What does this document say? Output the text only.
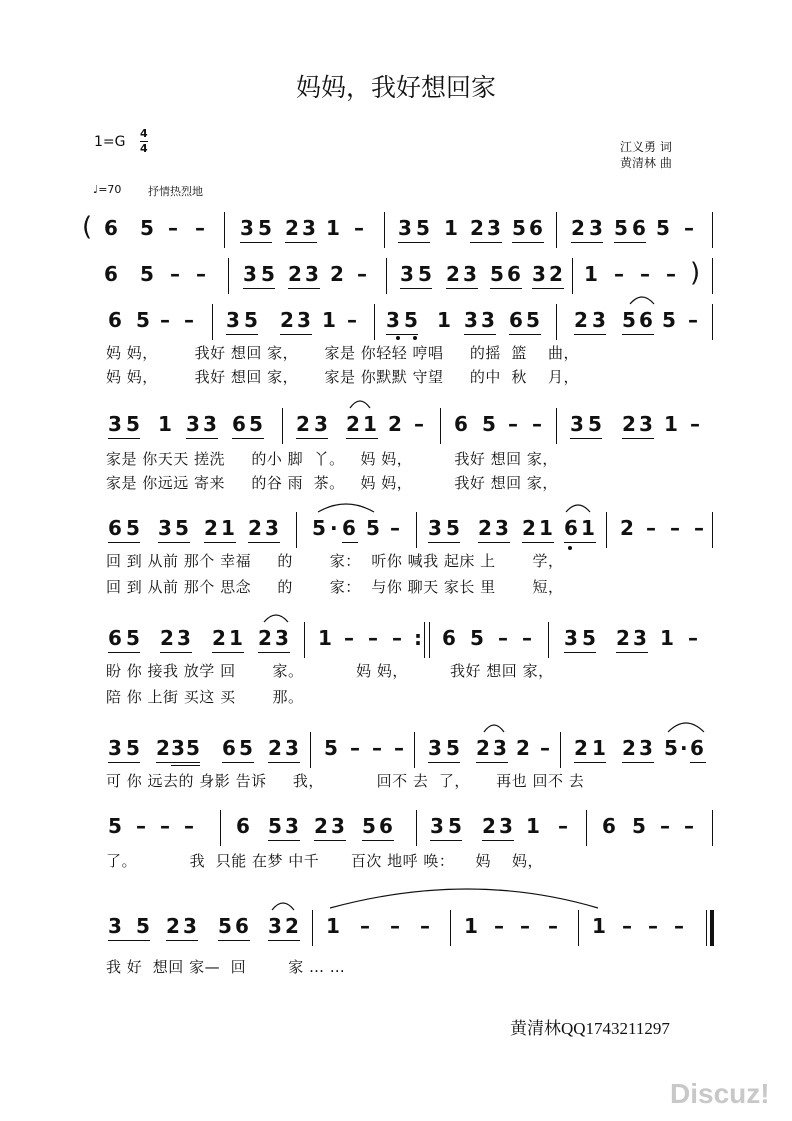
妈妈，我好想回家
1=G
4
4	江义勇 词
黄清林 曲
♩=70 抒情热烈地
( 6 5 – – 3 5 2 3 1 – 3 5 1 2 3 5 6 2 3 5 6 5 –
6 5 – – 3 5 2 3 2 – 3 5 2 3 5 6 3 2 1 – – – )
6 5 – – 3 5 2 3 1 – 3 5 1 3 3 6 5 2 3 5 6 5 –
妈 妈，       我好 想回 家，     家是 你轻轻 哼唱     的摇  篮    曲，
妈 妈，       我好 想回 家，     家是 你默默 守望     的中  秋    月，
3 5 1 3 3 6 5 2 3 2 1 2 – 6 5 – – 3 5 2 3 1 –
家是 你天天 搓洗     的小 脚  丫。   妈 妈，        我好 想回 家，
家是 你远远 寄来     的谷 雨  茶。   妈 妈，        我好 想回 家，
6 5 3 5 2 1 2 3 5 · 6 5 – 3 5 2 3 2 1 6 1 2 – – –
回 到 从前 那个 幸福     的       家：  听你 喊我 起床 上       学，
回 到 从前 那个 思念     的       家：  与你 聊天 家长 里       短，
6 5 2 3 2 1 2 3 1 – – – : 6 5 – – 3 5 2 3 1 –
盼 你 接我 放学 回       家。          妈 妈，        我好 想回 家，
陪 你 上街 买这 买       那。
3 5 2 3 5 6 5 2 3 5 – – – 3 5 2 3 2 – 2 1 2 3 5 · 6
可 你 远去的 身影 告诉     我，          回不 去  了，     再也 回不 去
5 – – – 6 5 3 2 3 5 6 3 5 2 3 1 – 6 5 – –
了。          我  只能 在梦 中千      百次 地呼 唤：    妈    妈，
3 5 2 3 5 6 3 2 1 – – – 1 – – – 1 – – –
我 好  想回 家—  回        家 … …
黄清林QQ1743211297
Discuz!
